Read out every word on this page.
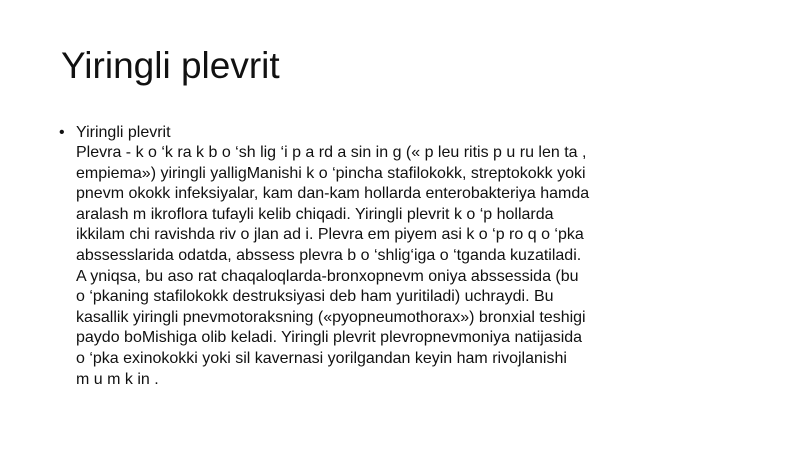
Yiringli plevrit
• Yiringli plevrit
Plevra - k o ‘k ra k b o ‘sh lig ‘i p a rd a sin in g (« p leu ritis p u ru len ta ,
empiema») yiringli yalligManishi k o ‘pincha stafilokokk, streptokokk yoki
pnevm okokk infeksiyalar, kam dan-kam hollarda enterobakteriya hamda
aralash m ikroflora tufayli kelib chiqadi. Yiringli plevrit k o ‘p hollarda
ikkilam chi ravishda riv o jlan ad i. Plevra em piyem asi k o ‘p ro q o ‘pka
abssesslarida odatda, abssess plevra b o ‘shlig‘iga o ‘tganda kuzatiladi.
A yniqsa, bu aso rat chaqaloqlarda-bronxopnevm oniya abssessida (bu
o ‘pkaning stafilokokk destruksiyasi deb ham yuritiladi) uchraydi. Bu
kasallik yiringli pnevmotoraksning («pyopneumothorax») bronxial teshigi
paydo boMishiga olib keladi. Yiringli plevrit plevropnevmoniya natijasida
o ‘pka exinokokki yoki sil kavernasi yorilgandan keyin ham rivojlanishi
m u m k in .
